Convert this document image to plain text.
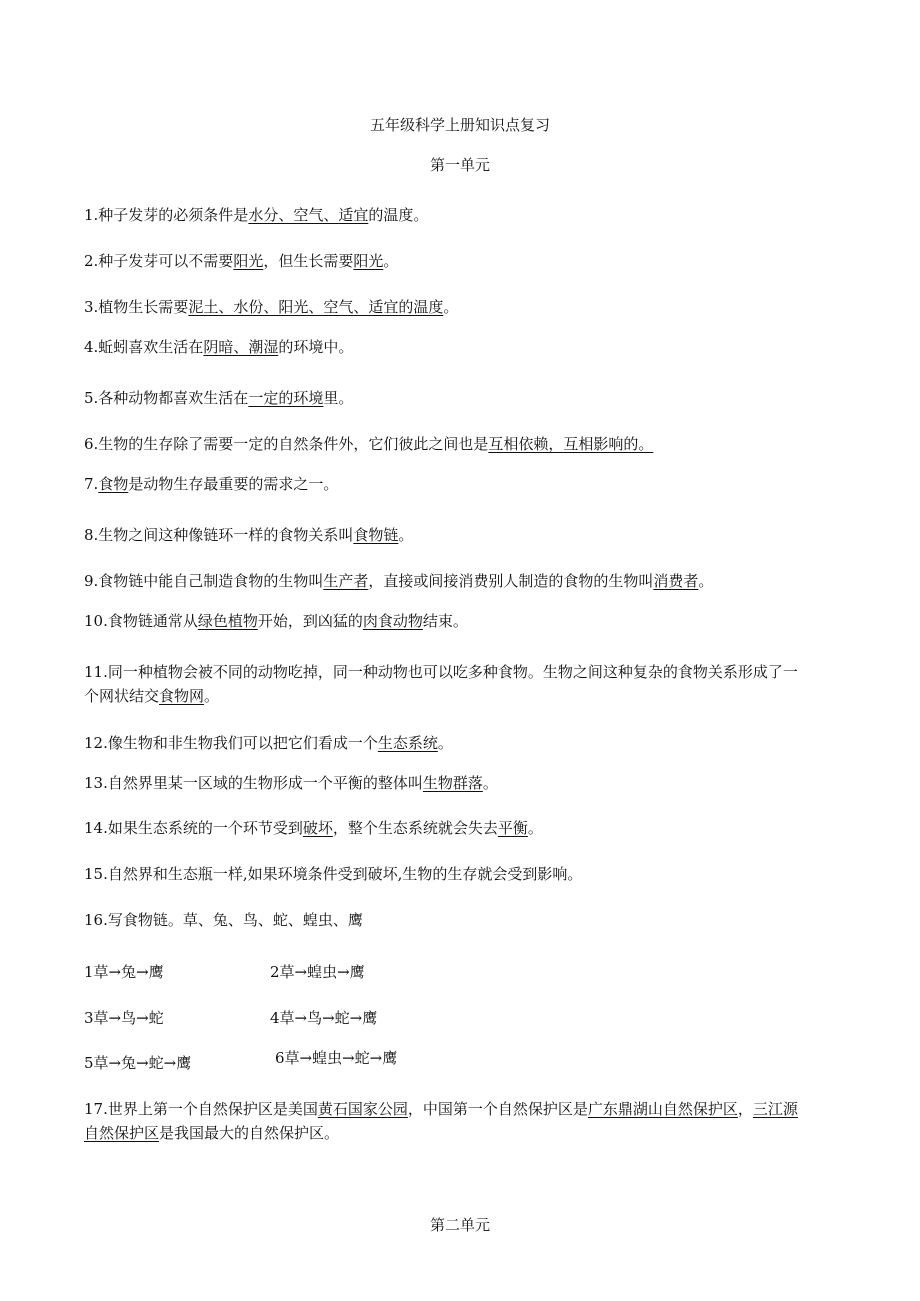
五年级科学上册知识点复习
第一单元
1.种子发芽的必须条件是水分、空气、适宜的温度。
2.种子发芽可以不需要阳光，但生长需要阳光。
3.植物生长需要泥土、水份、阳光、空气、适宜的温度。
4.蚯蚓喜欢生活在阴暗、潮湿的环境中。
5.各种动物都喜欢生活在一定的环境里。
6.生物的生存除了需要一定的自然条件外，它们彼此之间也是互相依赖，互相影响的。
7.食物是动物生存最重要的需求之一。
8.生物之间这种像链环一样的食物关系叫食物链。
9.食物链中能自己制造食物的生物叫生产者，直接或间接消费别人制造的食物的生物叫消费者。
10.食物链通常从绿色植物开始，到凶猛的肉食动物结束。
11.同一种植物会被不同的动物吃掉，同一种动物也可以吃多种食物。生物之间这种复杂的食物关系形成了一个网状结交食物网。
12.像生物和非生物我们可以把它们看成一个生态系统。
13.自然界里某一区域的生物形成一个平衡的整体叫生物群落。
14.如果生态系统的一个环节受到破坏，整个生态系统就会失去平衡。
15.自然界和生态瓶一样,如果环境条件受到破坏,生物的生存就会受到影响。
16.写食物链。草、兔、鸟、蛇、蝗虫、鹰
1草→兔→鹰	2草→蝗虫→鹰
3草→鸟→蛇	4草→鸟→蛇→鹰
5草→兔→蛇→鹰	6草→蝗虫→蛇→鹰
17.世界上第一个自然保护区是美国黄石国家公园，中国第一个自然保护区是广东鼎湖山自然保护区，三江源自然保护区是我国最大的自然保护区。
第二单元
